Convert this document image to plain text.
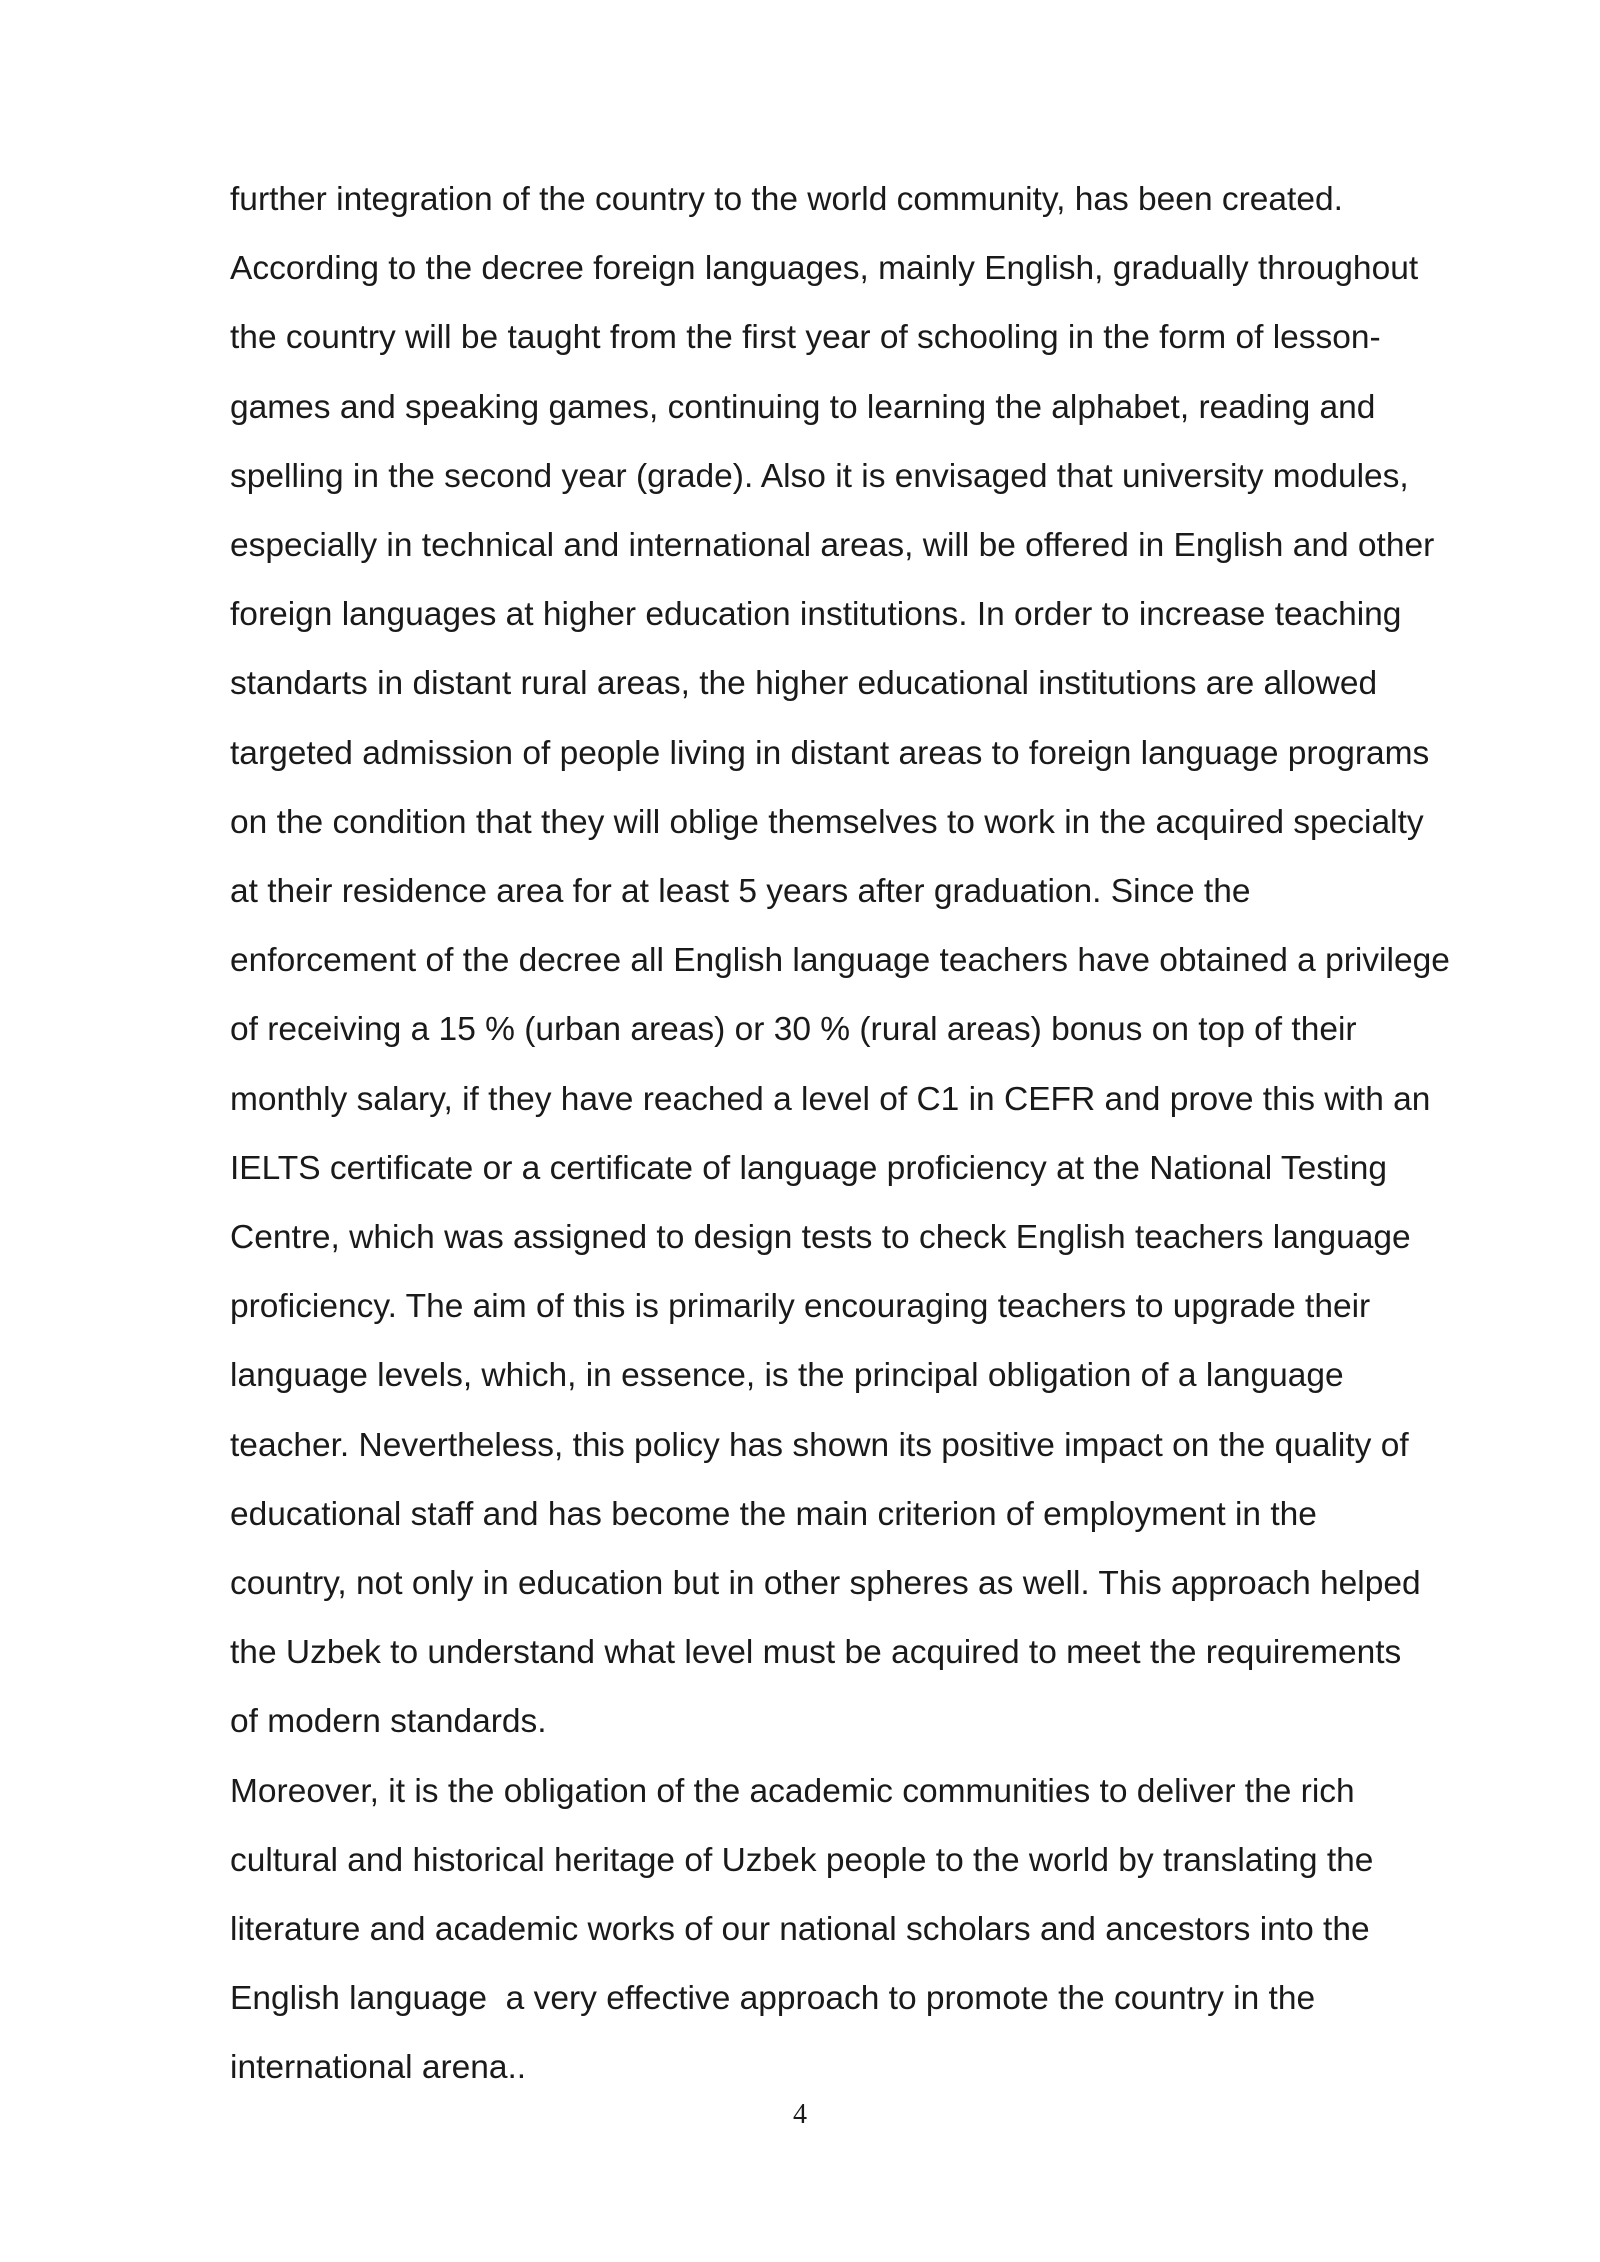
further integration of the country to the world community, has been created.
According to the decree foreign languages, mainly English, gradually throughout
the country will be taught from the first year of schooling in the form of lesson-
games and speaking games, continuing to learning the alphabet, reading and
spelling in the second year (grade). Also it is envisaged that university modules,
especially in technical and international areas, will be offered in English and other
foreign languages at higher education institutions. In order to increase teaching
standarts in distant rural areas, the higher educational institutions are allowed
targeted admission of people living in distant areas to foreign language programs
on the condition that they will oblige themselves to work in the acquired specialty
at their residence area for at least 5 years after graduation. Since the
enforcement of the decree all English language teachers have obtained a privilege
of receiving a 15 % (urban areas) or 30 % (rural areas) bonus on top of their
monthly salary, if they have reached a level of C1 in CEFR and prove this with an
IELTS certificate or a certificate of language proficiency at the National Testing
Centre, which was assigned to design tests to check English teachers language
proficiency. The aim of this is primarily encouraging teachers to upgrade their
language levels, which, in essence, is the principal obligation of a language
teacher. Nevertheless, this policy has shown its positive impact on the quality of
educational staff and has become the main criterion of employment in the
country, not only in education but in other spheres as well. This approach helped
the Uzbek to understand what level must be acquired to meet the requirements
of modern standards.
Moreover, it is the obligation of the academic communities to deliver the rich
cultural and historical heritage of Uzbek people to the world by translating the
literature and academic works of our national scholars and ancestors into the
English language  a very effective approach to promote the country in the
international arena..
4
